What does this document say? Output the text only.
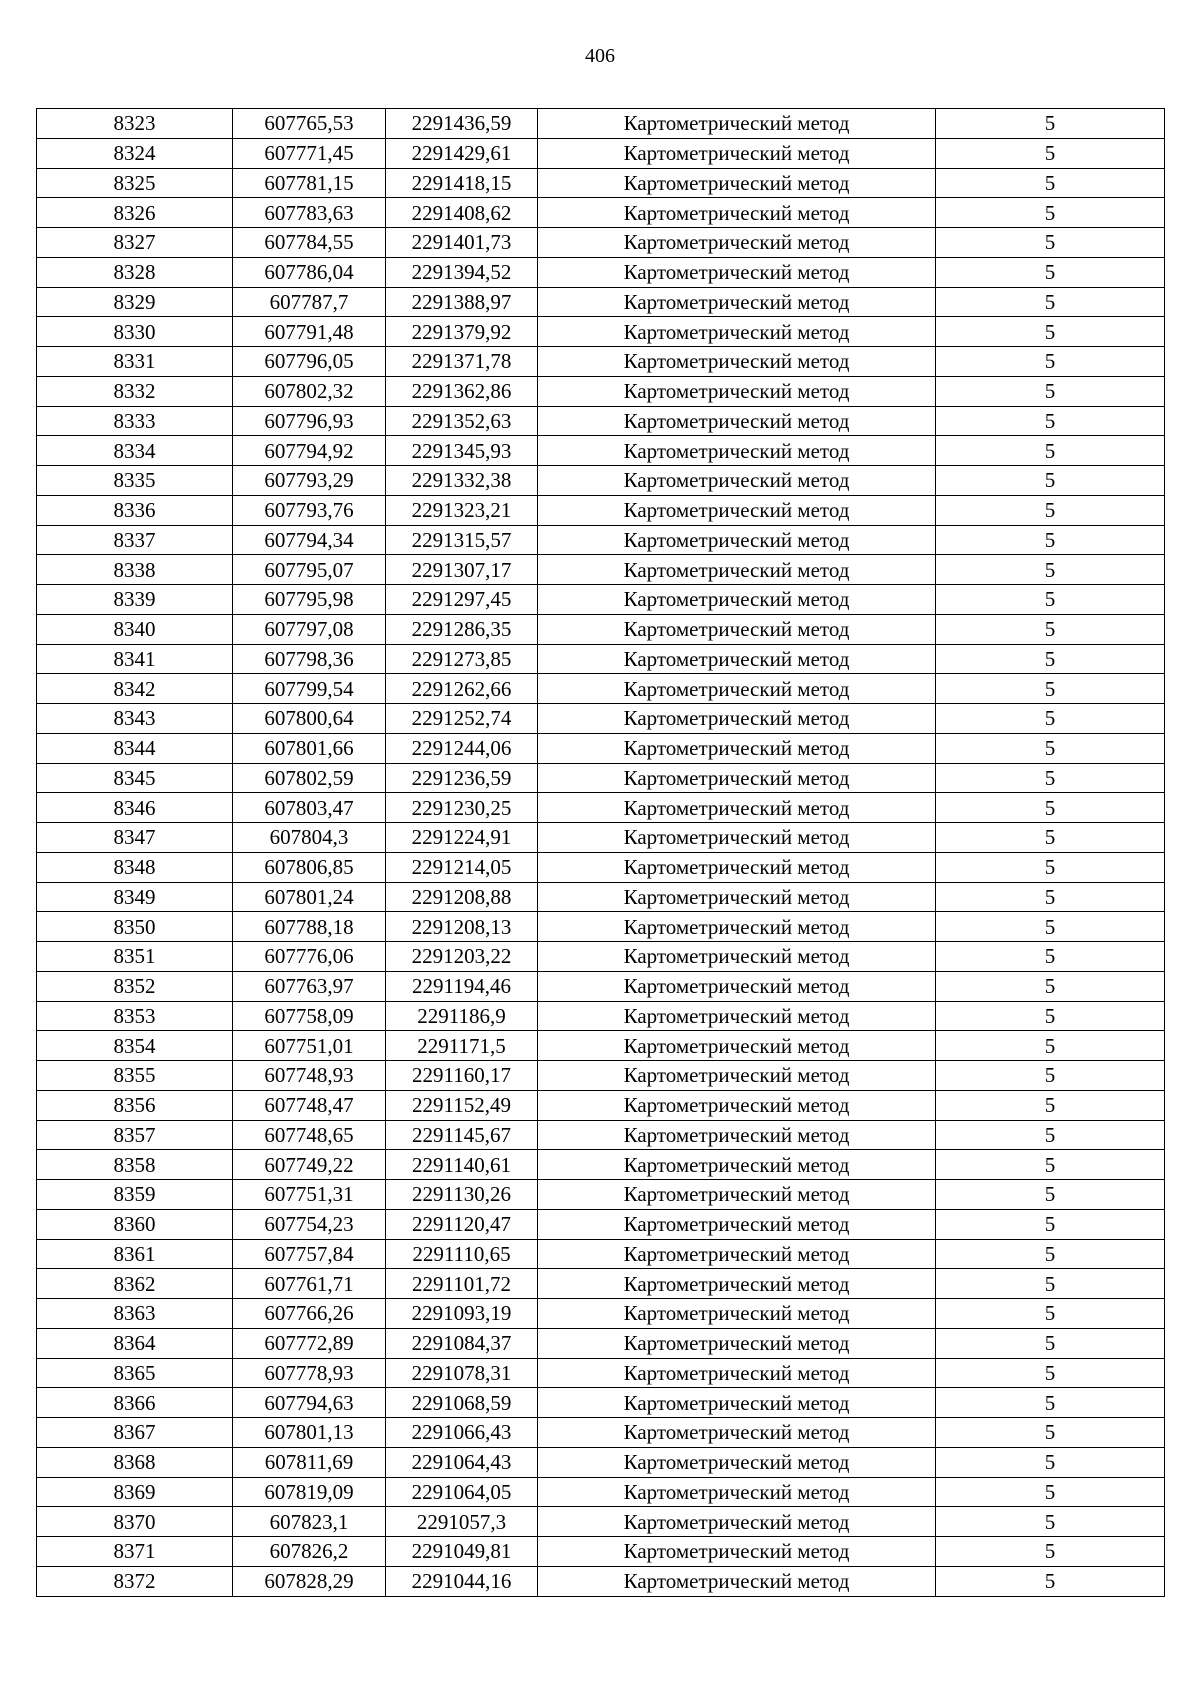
406
8323	607765,53	2291436,59	Картометрический метод	5
8324	607771,45	2291429,61	Картометрический метод	5
8325	607781,15	2291418,15	Картометрический метод	5
8326	607783,63	2291408,62	Картометрический метод	5
8327	607784,55	2291401,73	Картометрический метод	5
8328	607786,04	2291394,52	Картометрический метод	5
8329	607787,7	2291388,97	Картометрический метод	5
8330	607791,48	2291379,92	Картометрический метод	5
8331	607796,05	2291371,78	Картометрический метод	5
8332	607802,32	2291362,86	Картометрический метод	5
8333	607796,93	2291352,63	Картометрический метод	5
8334	607794,92	2291345,93	Картометрический метод	5
8335	607793,29	2291332,38	Картометрический метод	5
8336	607793,76	2291323,21	Картометрический метод	5
8337	607794,34	2291315,57	Картометрический метод	5
8338	607795,07	2291307,17	Картометрический метод	5
8339	607795,98	2291297,45	Картометрический метод	5
8340	607797,08	2291286,35	Картометрический метод	5
8341	607798,36	2291273,85	Картометрический метод	5
8342	607799,54	2291262,66	Картометрический метод	5
8343	607800,64	2291252,74	Картометрический метод	5
8344	607801,66	2291244,06	Картометрический метод	5
8345	607802,59	2291236,59	Картометрический метод	5
8346	607803,47	2291230,25	Картометрический метод	5
8347	607804,3	2291224,91	Картометрический метод	5
8348	607806,85	2291214,05	Картометрический метод	5
8349	607801,24	2291208,88	Картометрический метод	5
8350	607788,18	2291208,13	Картометрический метод	5
8351	607776,06	2291203,22	Картометрический метод	5
8352	607763,97	2291194,46	Картометрический метод	5
8353	607758,09	2291186,9	Картометрический метод	5
8354	607751,01	2291171,5	Картометрический метод	5
8355	607748,93	2291160,17	Картометрический метод	5
8356	607748,47	2291152,49	Картометрический метод	5
8357	607748,65	2291145,67	Картометрический метод	5
8358	607749,22	2291140,61	Картометрический метод	5
8359	607751,31	2291130,26	Картометрический метод	5
8360	607754,23	2291120,47	Картометрический метод	5
8361	607757,84	2291110,65	Картометрический метод	5
8362	607761,71	2291101,72	Картометрический метод	5
8363	607766,26	2291093,19	Картометрический метод	5
8364	607772,89	2291084,37	Картометрический метод	5
8365	607778,93	2291078,31	Картометрический метод	5
8366	607794,63	2291068,59	Картометрический метод	5
8367	607801,13	2291066,43	Картометрический метод	5
8368	607811,69	2291064,43	Картометрический метод	5
8369	607819,09	2291064,05	Картометрический метод	5
8370	607823,1	2291057,3	Картометрический метод	5
8371	607826,2	2291049,81	Картометрический метод	5
8372	607828,29	2291044,16	Картометрический метод	5
